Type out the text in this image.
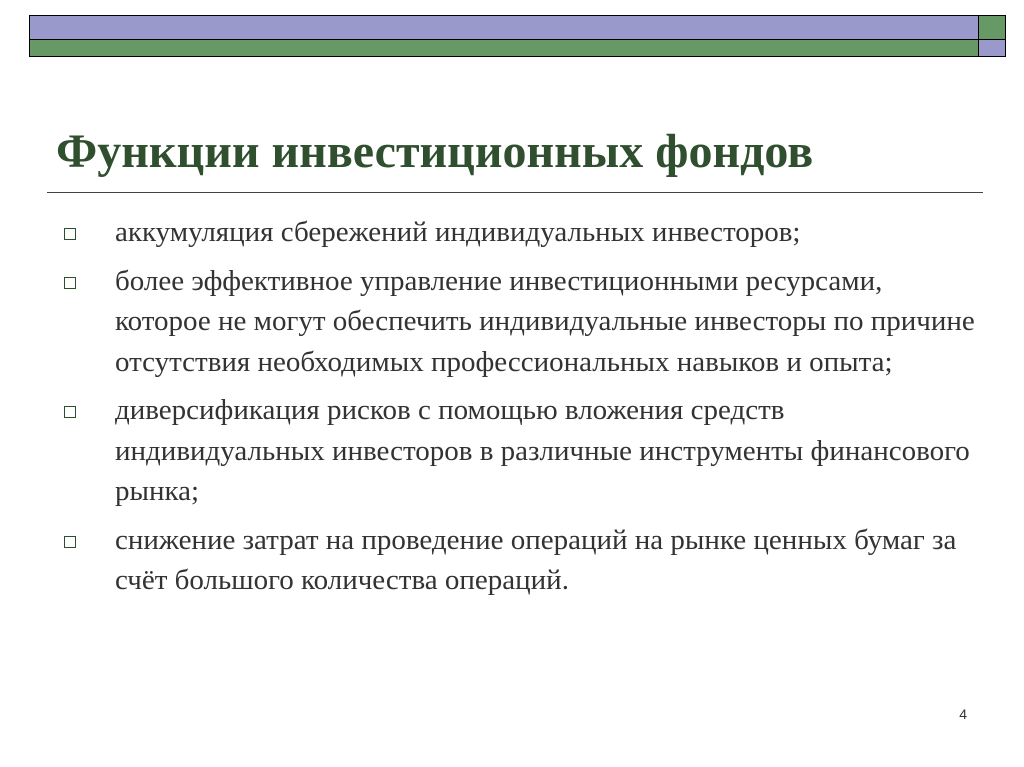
Функции инвестиционных фондов
аккумуляция сбережений индивидуальных инвесторов;
более эффективное управление инвестиционными ресурсами, которое не могут обеспечить индивидуальные инвесторы по причине отсутствия необходимых профессиональных навыков и опыта;
диверсификация рисков с помощью вложения средств индивидуальных инвесторов в различные инструменты финансового рынка;
снижение затрат на проведение операций на рынке ценных бумаг за счёт большого количества операций.
4
